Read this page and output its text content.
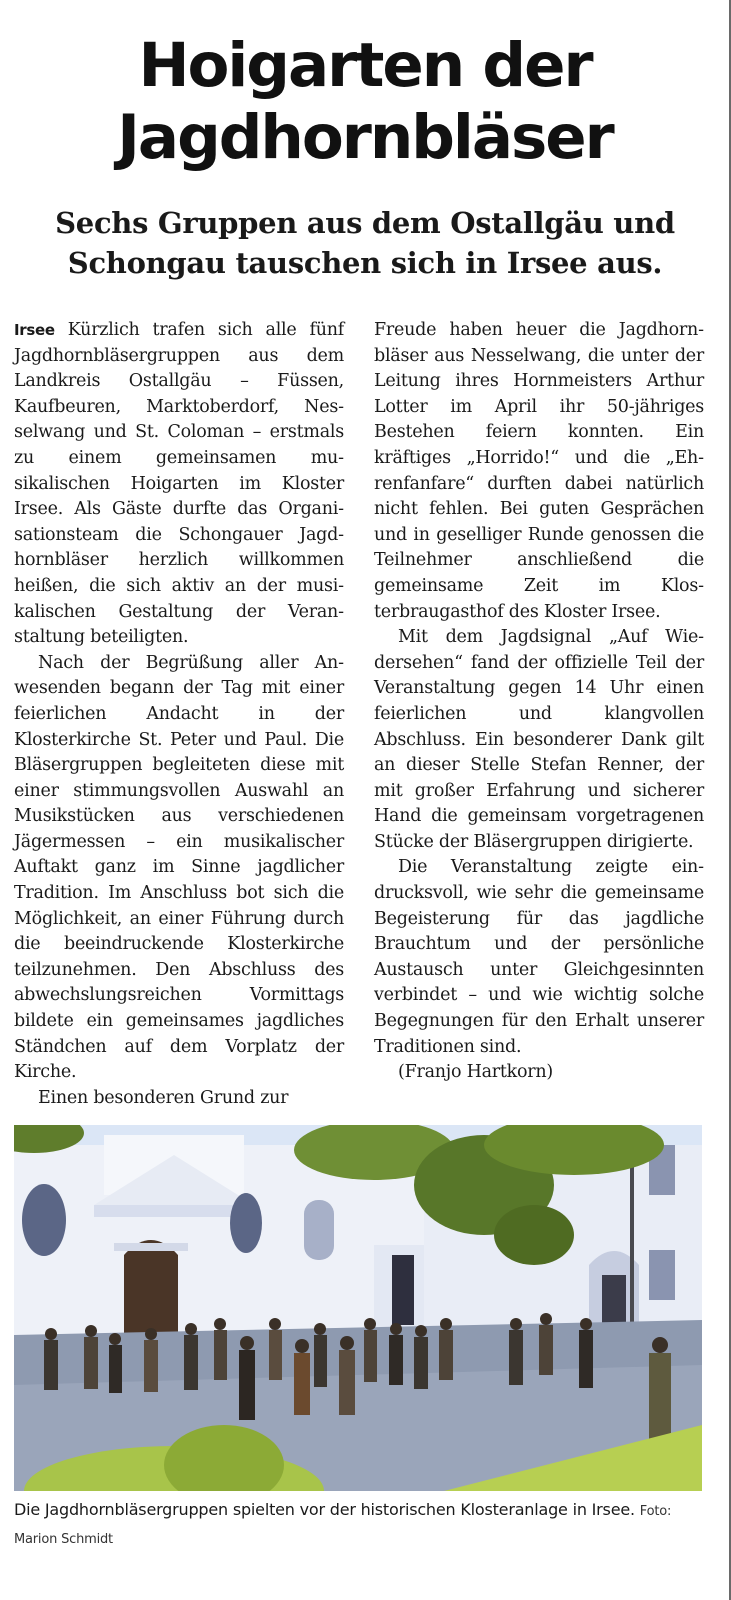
Hoigarten der
Jagdhornbläser
Sechs Gruppen aus dem Ostallgäu und
Schongau tauschen sich in Irsee aus.

Irsee Kürzlich trafen sich alle fünf Jagdhornbläsergruppen aus dem Landkreis Ostallgäu – Füssen, Kaufbeuren, Marktoberdorf, Nesselwang und St. Coloman – erstmals zu einem gemeinsamen musikalischen Hoigarten im Kloster Irsee. Als Gäste durfte das Organisationsteam die Schongauer Jagdhornbläser herzlich willkommen heißen, die sich aktiv an der musikalischen Gestaltung der Veranstaltung beteiligten.

Nach der Begrüßung aller Anwesenden begann der Tag mit einer feierlichen Andacht in der Klosterkirche St. Peter und Paul. Die Bläsergruppen begleiteten diese mit einer stimmungsvollen Auswahl an Musikstücken aus verschiedenen Jägermessen – ein musikalischer Auftakt ganz im Sinne jagdlicher Tradition. Im Anschluss bot sich die Möglichkeit, an einer Führung durch die beeindruckende Klosterkirche teilzunehmen. Den Abschluss des abwechslungsreichen Vormittags bildete ein gemeinsames jagdliches Ständchen auf dem Vorplatz der Kirche.

Einen besonderen Grund zur

Freude haben heuer die Jagdhornbläser aus Nesselwang, die unter der Leitung ihres Hornmeisters Arthur Lotter im April ihr 50-jähriges Bestehen feiern konnten. Ein kräftiges „Horrido!“ und die „Ehrenfanfare“ durften dabei natürlich nicht fehlen. Bei guten Gesprächen und in geselliger Runde genossen die Teilnehmer anschließend die gemeinsame Zeit im Klosterbraugasthof des Kloster Irsee.

Mit dem Jagdsignal „Auf Wiedersehen“ fand der offizielle Teil der Veranstaltung gegen 14 Uhr einen feierlichen und klangvollen Abschluss. Ein besonderer Dank gilt an dieser Stelle Stefan Renner, der mit großer Erfahrung und sicherer Hand die gemeinsam vorgetragenen Stücke der Bläsergruppen dirigierte.

Die Veranstaltung zeigte eindrucksvoll, wie sehr die gemeinsame Begeisterung für das jagdliche Brauchtum und der persönliche Austausch unter Gleichgesinnten verbindet – und wie wichtig solche Begegnungen für den Erhalt unserer Traditionen sind.

(Franjo Hartkorn)

Die Jagdhornbläsergruppen spielten vor der historischen Klosteranlage in Irsee. Foto: Marion Schmidt
